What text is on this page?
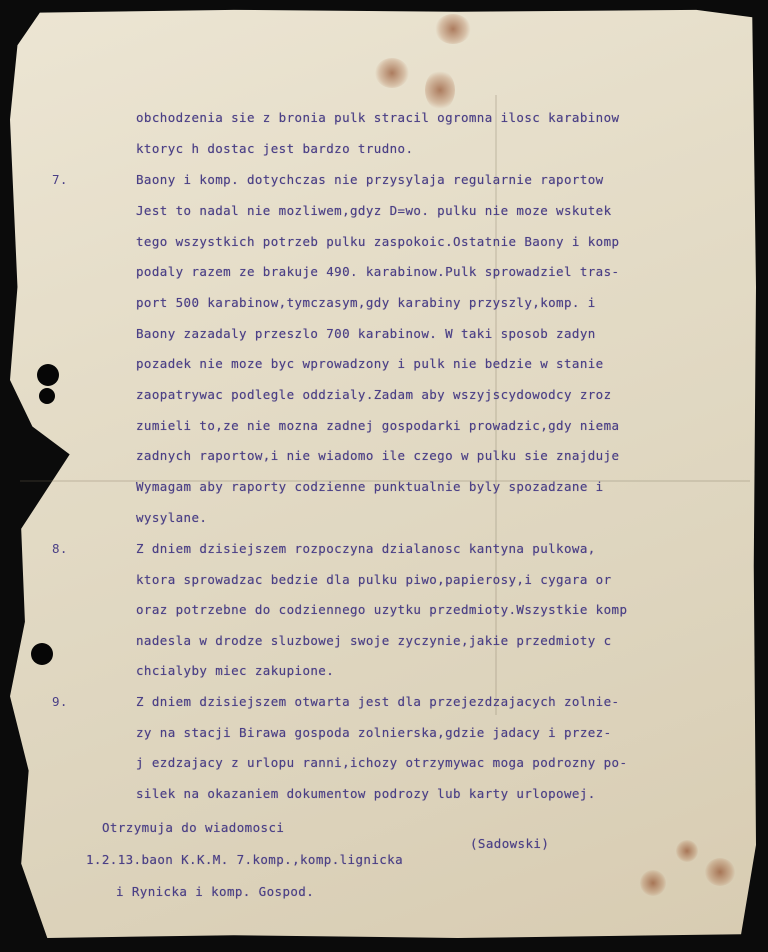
obchodzenia sie z bronia pulk stracil ogromna ilosc karabinow
ktoryc h dostac jest bardzo trudno.
7.	Baony i komp. dotychczas nie przysylaja regularnie raportow
Jest to nadal nie mozliwem,gdyz D=wo. pulku nie moze wskutek
tego wszystkich potrzeb pulku zaspokoic.Ostatnie Baony i komp
podaly razem ze brakuje 490. karabinow.Pulk sprowadziel tras-
port 500 karabinow,tymczasym,gdy karabiny przyszly,komp. i
Baony zazadaly przeszlo 700 karabinow. W taki sposob zadyn
pozadek nie moze byc wprowadzony i pulk nie bedzie w stanie
zaopatrywac podlegle oddzialy.Zadam aby wszyjscydowodcy zroz
zumieli to,ze nie mozna zadnej gospodarki prowadzic,gdy niema
zadnych raportow,i nie wiadomo ile czego w pulku sie znajduje
Wymagam aby raporty codzienne punktualnie byly spozadzane i
wysylane.
8.	Z dniem dzisiejszem rozpoczyna dzialanosc kantyna pulkowa,
ktora sprowadzac bedzie dla pulku piwo,papierosy,i cygara or
oraz potrzebne do codziennego uzytku przedmioty.Wszystkie komp
nadesla w drodze sluzbowej swoje zyczynie,jakie przedmioty c
chcialyby miec zakupione.
9.	Z dniem dzisiejszem otwarta jest dla przejezdzajacych zolnie-
zy na stacji Birawa gospoda zolnierska,gdzie jadacy i przez-
j ezdzajacy z urlopu ranni,ichozy otrzymywac moga podrozny po-
silek na okazaniem dokumentow podrozy lub karty urlopowej.
Otrzymuja do wiadomosci
(Sadowski)
1.2.13.baon K.K.M. 7.komp.,komp.lignicka
i Rynicka i komp. Gospod.
